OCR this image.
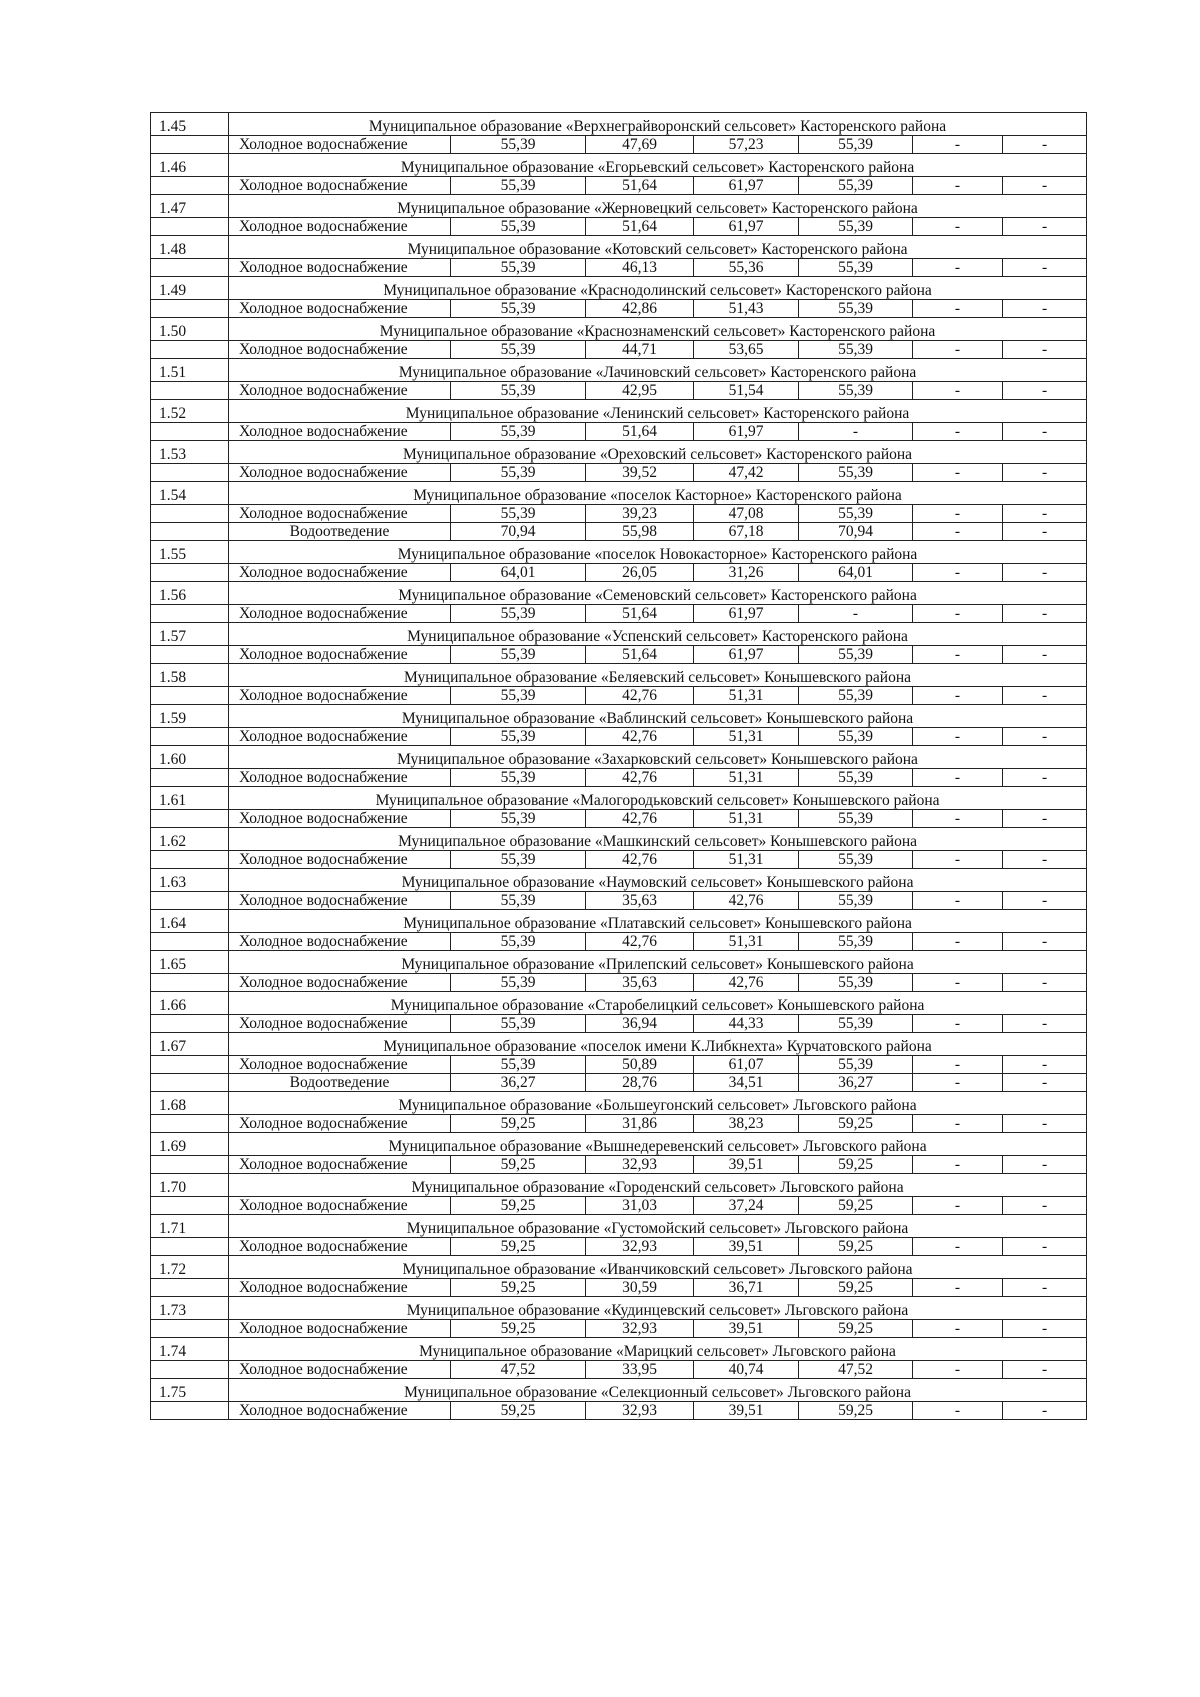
1.45	Муниципальное образование «Верхнеграйворонский сельсовет» Касторенского района						
	Холодное водоснабжение	55,39	47,69	57,23	55,39	-	-
1.46	Муниципальное образование «Егорьевский сельсовет» Касторенского района						
	Холодное водоснабжение	55,39	51,64	61,97	55,39	-	-
1.47	Муниципальное образование «Жерновецкий сельсовет» Касторенского района						
	Холодное водоснабжение	55,39	51,64	61,97	55,39	-	-
1.48	Муниципальное образование «Котовский сельсовет» Касторенского района						
	Холодное водоснабжение	55,39	46,13	55,36	55,39	-	-
1.49	Муниципальное образование «Краснодолинский сельсовет» Касторенского района						
	Холодное водоснабжение	55,39	42,86	51,43	55,39	-	-
1.50	Муниципальное образование «Краснознаменский сельсовет» Касторенского района						
	Холодное водоснабжение	55,39	44,71	53,65	55,39	-	-
1.51	Муниципальное образование «Лачиновский сельсовет» Касторенского района						
	Холодное водоснабжение	55,39	42,95	51,54	55,39	-	-
1.52	Муниципальное образование «Ленинский сельсовет» Касторенского района						
	Холодное водоснабжение	55,39	51,64	61,97	-	-	-
1.53	Муниципальное образование «Ореховский сельсовет» Касторенского района						
	Холодное водоснабжение	55,39	39,52	47,42	55,39	-	-
1.54	Муниципальное образование «поселок Касторное» Касторенского района						
	Холодное водоснабжение	55,39	39,23	47,08	55,39	-	-
	Водоотведение	70,94	55,98	67,18	70,94	-	-
1.55	Муниципальное образование «поселок Новокасторное» Касторенского района						
	Холодное водоснабжение	64,01	26,05	31,26	64,01	-	-
1.56	Муниципальное образование «Семеновский сельсовет» Касторенского района						
	Холодное водоснабжение	55,39	51,64	61,97	-	-	-
1.57	Муниципальное образование «Успенский сельсовет» Касторенского района						
	Холодное водоснабжение	55,39	51,64	61,97	55,39	-	-
1.58	Муниципальное образование «Беляевский сельсовет» Конышевского района						
	Холодное водоснабжение	55,39	42,76	51,31	55,39	-	-
1.59	Муниципальное образование «Ваблинский сельсовет» Конышевского района						
	Холодное водоснабжение	55,39	42,76	51,31	55,39	-	-
1.60	Муниципальное образование «Захарковский сельсовет» Конышевского района						
	Холодное водоснабжение	55,39	42,76	51,31	55,39	-	-
1.61	Муниципальное образование «Малогородьковский сельсовет» Конышевского района						
	Холодное водоснабжение	55,39	42,76	51,31	55,39	-	-
1.62	Муниципальное образование «Машкинский сельсовет» Конышевского района						
	Холодное водоснабжение	55,39	42,76	51,31	55,39	-	-
1.63	Муниципальное образование «Наумовский сельсовет» Конышевского района						
	Холодное водоснабжение	55,39	35,63	42,76	55,39	-	-
1.64	Муниципальное образование «Платавский сельсовет» Конышевского района						
	Холодное водоснабжение	55,39	42,76	51,31	55,39	-	-
1.65	Муниципальное образование «Прилепский сельсовет» Конышевского района						
	Холодное водоснабжение	55,39	35,63	42,76	55,39	-	-
1.66	Муниципальное образование «Старобелицкий сельсовет» Конышевского района						
	Холодное водоснабжение	55,39	36,94	44,33	55,39	-	-
1.67	Муниципальное образование «поселок имени К.Либкнехта» Курчатовского района						
	Холодное водоснабжение	55,39	50,89	61,07	55,39	-	-
	Водоотведение	36,27	28,76	34,51	36,27	-	-
1.68	Муниципальное образование «Большеугонский сельсовет» Льговского района						
	Холодное водоснабжение	59,25	31,86	38,23	59,25	-	-
1.69	Муниципальное образование «Вышнедеревенский сельсовет» Льговского района						
	Холодное водоснабжение	59,25	32,93	39,51	59,25	-	-
1.70	Муниципальное образование «Городенский сельсовет» Льговского района						
	Холодное водоснабжение	59,25	31,03	37,24	59,25	-	-
1.71	Муниципальное образование «Густомойский сельсовет» Льговского района						
	Холодное водоснабжение	59,25	32,93	39,51	59,25	-	-
1.72	Муниципальное образование «Иванчиковский сельсовет» Льговского района						
	Холодное водоснабжение	59,25	30,59	36,71	59,25	-	-
1.73	Муниципальное образование «Кудинцевский сельсовет» Льговского района						
	Холодное водоснабжение	59,25	32,93	39,51	59,25	-	-
1.74	Муниципальное образование «Марицкий сельсовет» Льговского района						
	Холодное водоснабжение	47,52	33,95	40,74	47,52	-	-
1.75	Муниципальное образование «Селекционный сельсовет» Льговского района						
	Холодное водоснабжение	59,25	32,93	39,51	59,25	-	-
